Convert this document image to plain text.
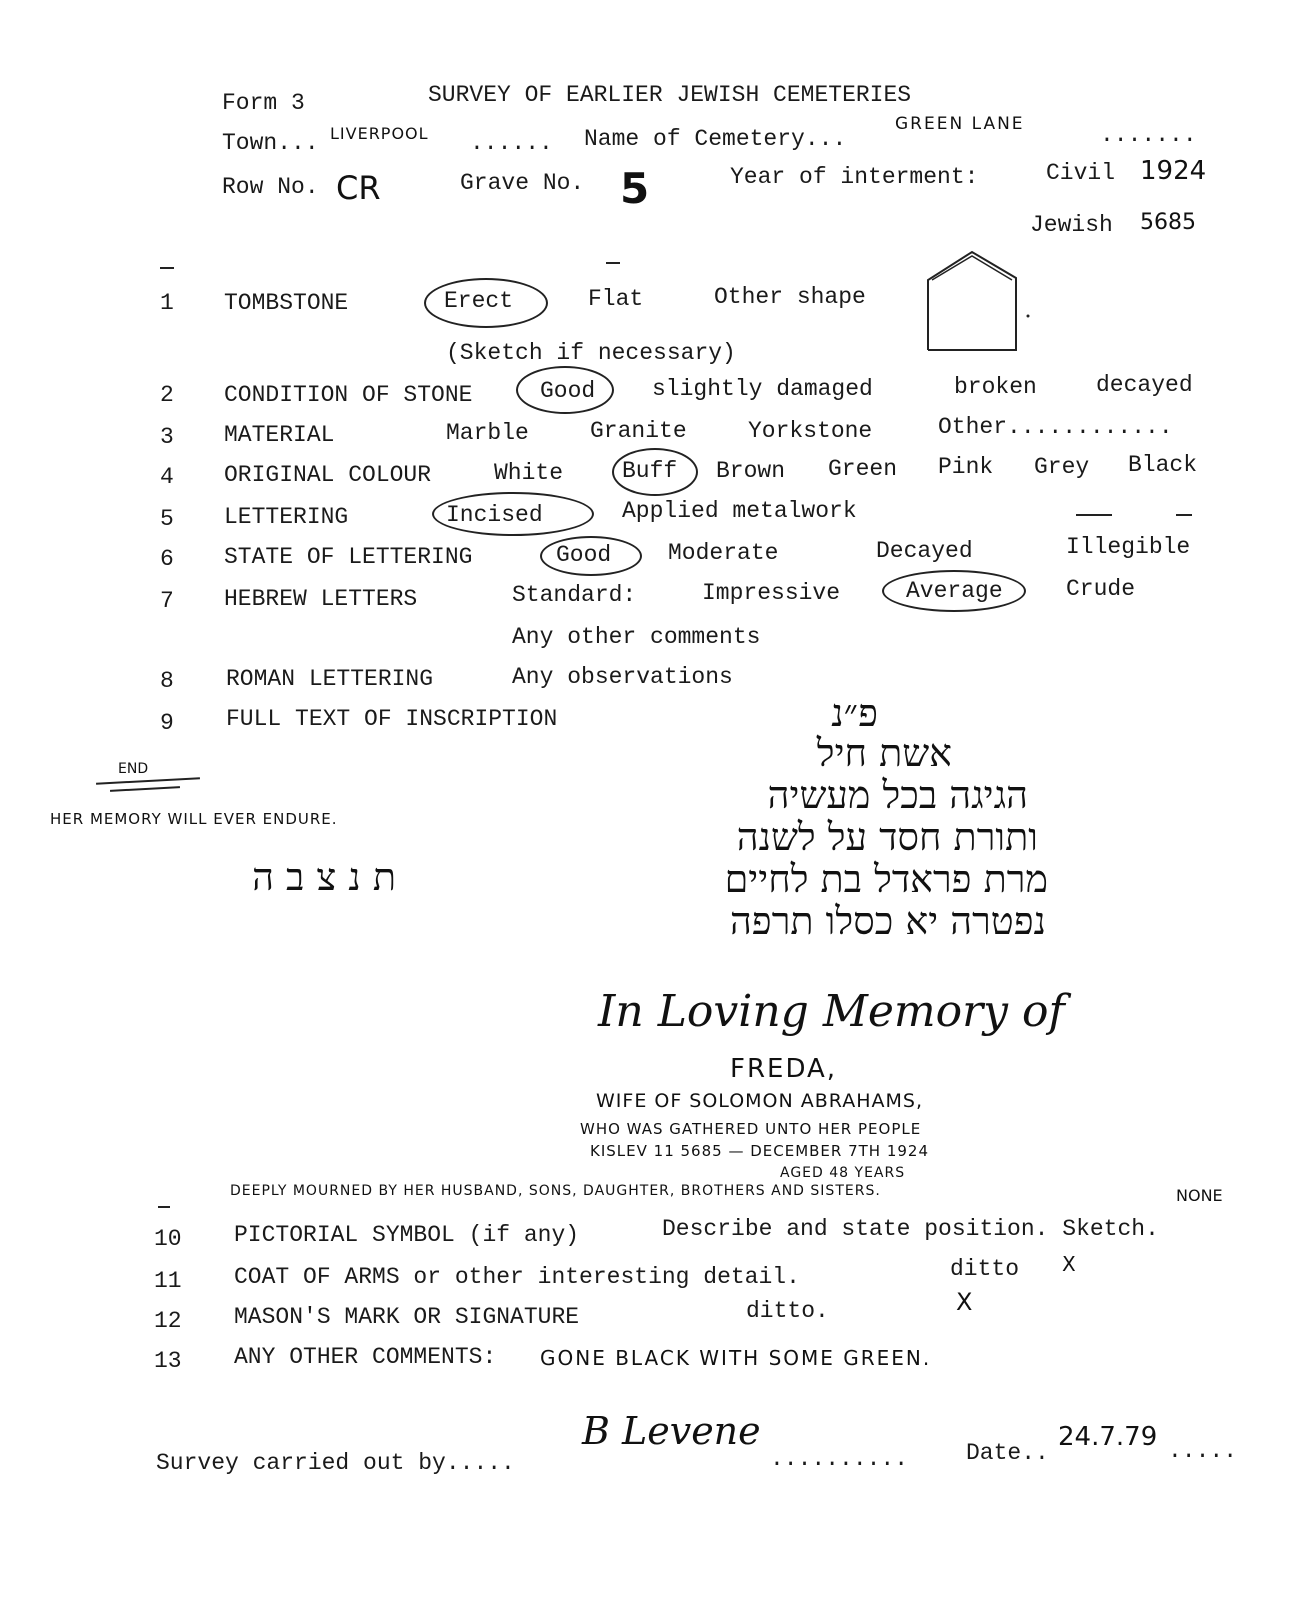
Form 3	SURVEY OF EARLIER JEWISH CEMETERIES
Town... LIVERPOOL ...... Name of Cemetery...
GREEN LANE	.......
Row No. CR	Grave No. 5	Year of interment:	Civil 1924
Jewish 5685
1 TOMBSTONE	Erect	Flat	Other shape
(Sketch if necessary)
2 CONDITION OF STONE	Good slightly damaged	broken	decayed
3 MATERIAL	Marble	Granite	Yorkstone	Other............
4 ORIGINAL COLOUR	White	Buff Brown Green Pink Grey Black
5 LETTERING	Incised	Applied metalwork
6 STATE OF LETTERING	Good Moderate	Decayed	Illegible
7 HEBREW LETTERS	Standard:	Impressive	Average	Crude
Any other comments
8 ROMAN LETTERING	Any observations
9 FULL TEXT OF INSCRIPTION	פ״נ
אשת חיל
הגיגה בכל מעשיה
ותורת חסד על לשנה
מרת פראדל בת לחיים
נפטרה יא כסלו תרפה
END
HER MEMORY WILL EVER ENDURE.
ת נ צ ב ה
In Loving Memory of
FREDA,
WIFE OF SOLOMON ABRAHAMS,
WHO WAS GATHERED UNTO HER PEOPLE
KISLEV 11 5685 — DECEMBER 7TH 1924
AGED 48 YEARS
DEEPLY MOURNED BY HER HUSBAND, SONS, DAUGHTER, BROTHERS AND SISTERS.	NONE
10 PICTORIAL SYMBOL (if any)	Describe and state position. Sketch.
11 COAT OF ARMS or other interesting detail.	ditto X
12 MASON'S MARK OR SIGNATURE	ditto.	X
13 ANY OTHER COMMENTS: GONE BLACK WITH SOME GREEN.
Survey carried out by.....
B Levene
..........	Date..
24.7.79 .....
